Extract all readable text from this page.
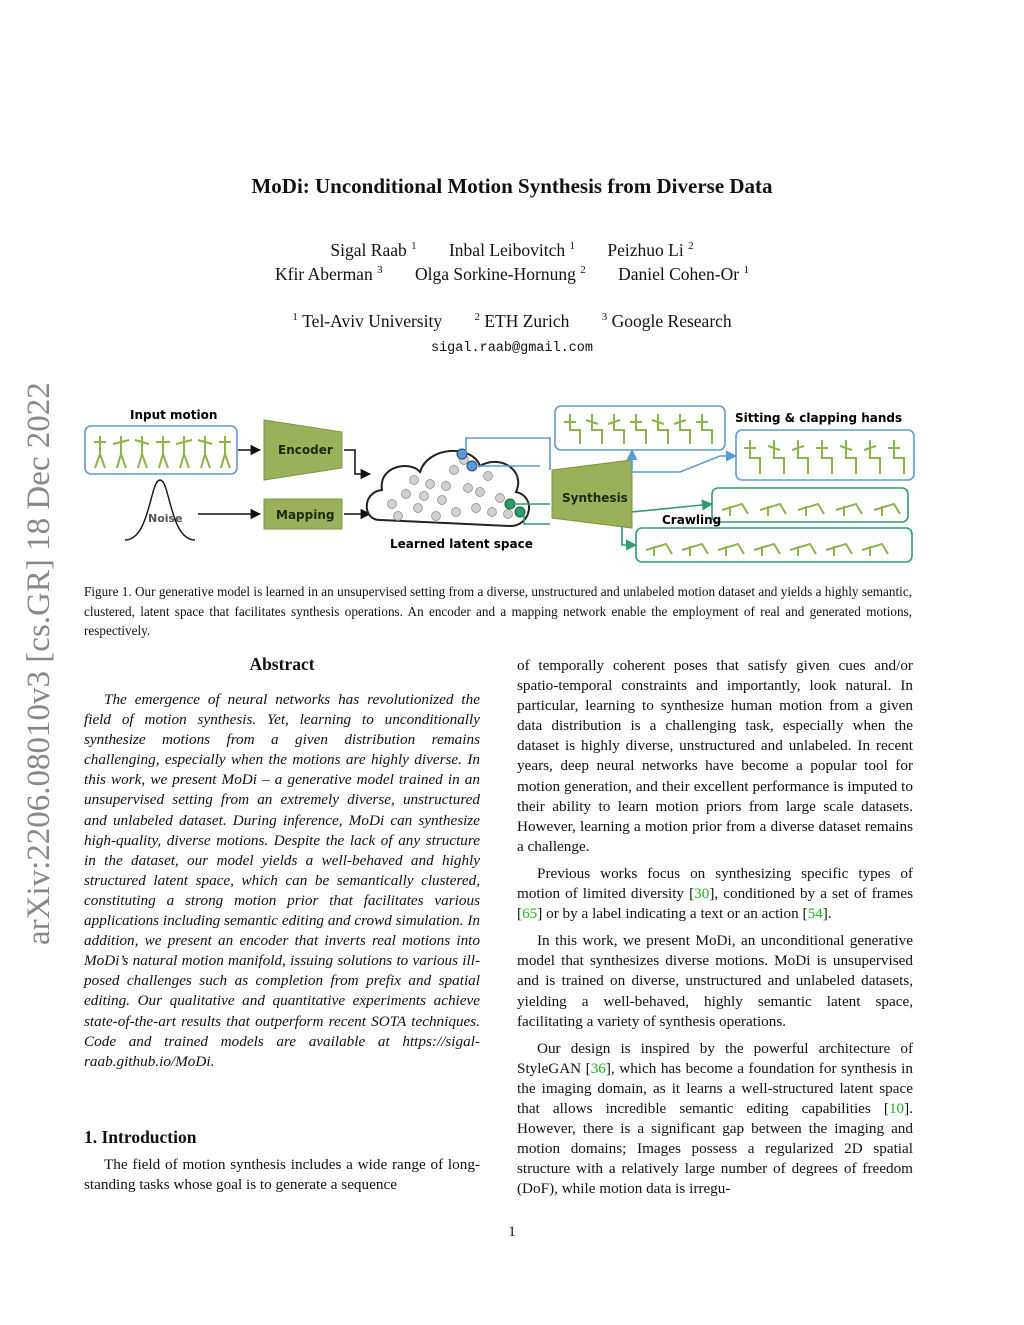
arXiv:2206.08010v3 [cs.GR] 18 Dec 2022
MoDi: Unconditional Motion Synthesis from Diverse Data
Sigal Raab $^1$ Inbal Leibovitch $^1$ Peizhuo Li $^2$
Kfir Aberman $^3$ Olga Sorkine-Hornung $^2$ Daniel Cohen-Or $^1$
$^1$ Tel-Aviv University	$^2$ ETH Zurich	$^3$ Google Research
sigal.raab@gmail.com
Input motion
Noise
Encoder
Mapping
Learned latent space
Synthesis
Sitting & clapping hands
Crawling
Figure 1. Our generative model is learned in an unsupervised setting from a diverse, unstructured and unlabeled motion dataset and yields a highly semantic, clustered, latent space that facilitates synthesis operations. An encoder and a mapping network enable the employment of real and generated motions, respectively.
Abstract

The emergence of neural networks has revolutionized the field of motion synthesis. Yet, learning to unconditionally synthesize motions from a given distribution remains challenging, especially when the motions are highly diverse. In this work, we present MoDi – a generative model trained in an unsupervised setting from an extremely diverse, unstructured and unlabeled dataset. During inference, MoDi can synthesize high-quality, diverse motions. Despite the lack of any structure in the dataset, our model yields a well-behaved and highly structured latent space, which can be semantically clustered, constituting a strong motion prior that facilitates various applications including semantic editing and crowd simulation. In addition, we present an encoder that inverts real motions into MoDi’s natural motion manifold, issuing solutions to various ill-posed challenges such as completion from prefix and spatial editing. Our qualitative and quantitative experiments achieve state-of-the-art results that outperform recent SOTA techniques. Code and trained models are available at https://sigal-raab.github.io/MoDi.

1. Introduction

The field of motion synthesis includes a wide range of long-standing tasks whose goal is to generate a sequence

of temporally coherent poses that satisfy given cues and/or spatio-temporal constraints and importantly, look natural. In particular, learning to synthesize human motion from a given data distribution is a challenging task, especially when the dataset is highly diverse, unstructured and unlabeled. In recent years, deep neural networks have become a popular tool for motion generation, and their excellent performance is imputed to their ability to learn motion priors from large scale datasets. However, learning a motion prior from a diverse dataset remains a challenge.

Previous works focus on synthesizing specific types of motion of limited diversity [30], conditioned by a set of frames [65] or by a label indicating a text or an action [54].

In this work, we present MoDi, an unconditional generative model that synthesizes diverse motions. MoDi is unsupervised and is trained on diverse, unstructured and unlabeled datasets, yielding a well-behaved, highly semantic latent space, facilitating a variety of synthesis operations.

Our design is inspired by the powerful architecture of StyleGAN [36], which has become a foundation for synthesis in the imaging domain, as it learns a well-structured latent space that allows incredible semantic editing capabilities [10]. However, there is a significant gap between the imaging and motion domains; Images possess a regularized 2D spatial structure with a relatively large number of degrees of freedom (DoF), while motion data is irregu-

1
